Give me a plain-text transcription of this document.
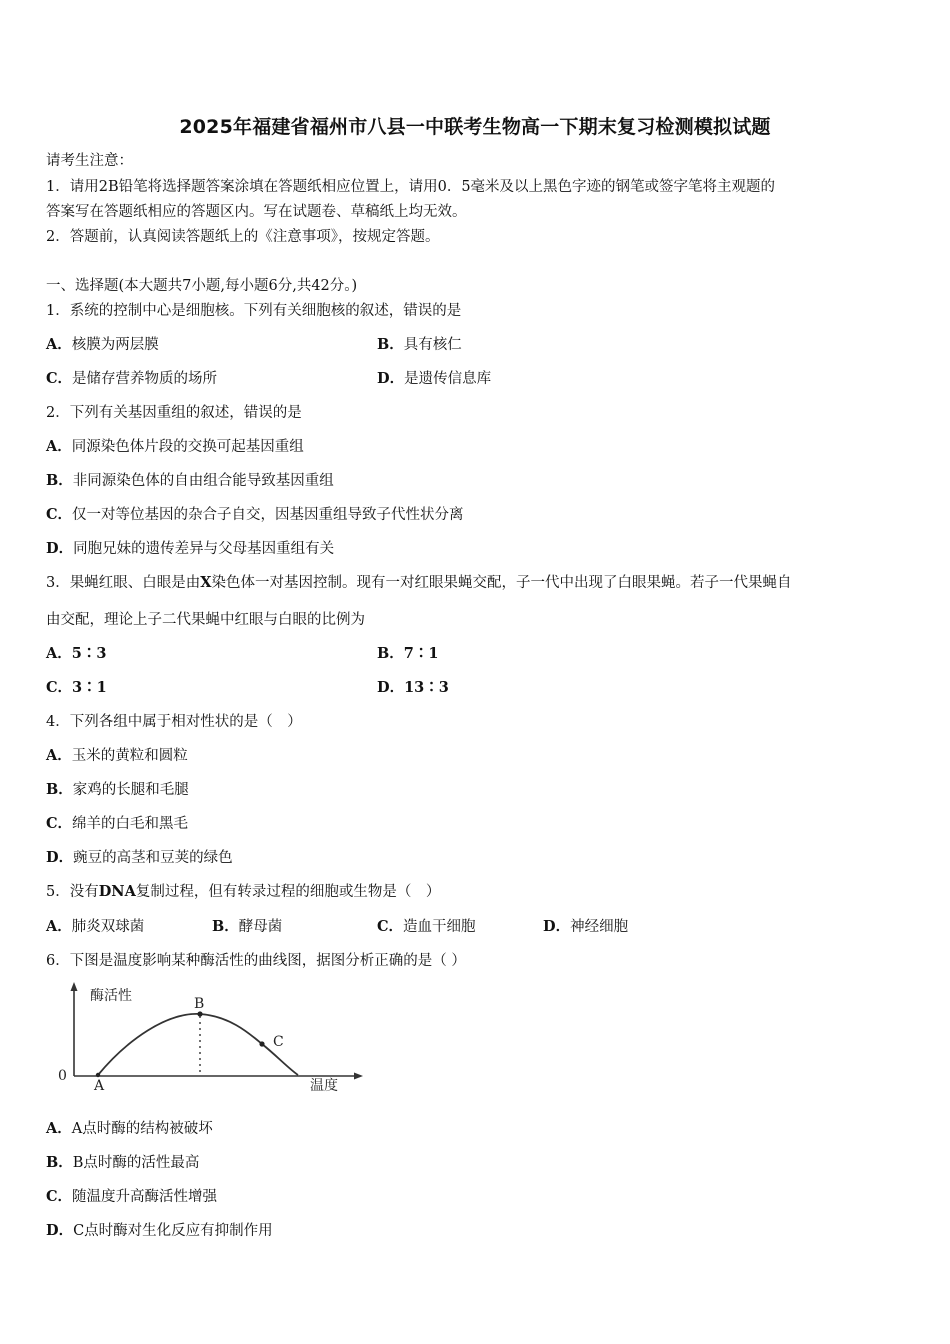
2025年福建省福州市八县一中联考生物高一下期末复习检测模拟试题
请考生注意：
1．请用2B铅笔将选择题答案涂填在答题纸相应位置上，请用0．5毫米及以上黑色字迹的钢笔或签字笔将主观题的
答案写在答题纸相应的答题区内。写在试题卷、草稿纸上均无效。
2．答题前，认真阅读答题纸上的《注意事项》，按规定答题。
一、选择题(本大题共7小题,每小题6分,共42分。)
1．系统的控制中心是细胞核。下列有关细胞核的叙述，错误的是
A．核膜为两层膜	B．具有核仁
C．是储存营养物质的场所	D．是遗传信息库
2．下列有关基因重组的叙述，错误的是
A．同源染色体片段的交换可起基因重组
B．非同源染色体的自由组合能导致基因重组
C．仅一对等位基因的杂合子自交，因基因重组导致子代性状分离
D．同胞兄妹的遗传差异与父母基因重组有关
3．果蝇红眼、白眼是由X染色体一对基因控制。现有一对红眼果蝇交配，子一代中出现了白眼果蝇。若子一代果蝇自
由交配，理论上子二代果蝇中红眼与白眼的比例为
A．5∶3	B．7∶1
C．3∶1	D．13∶3
4．下列各组中属于相对性状的是（　）
A．玉米的黄粒和圆粒
B．家鸡的长腿和毛腿
C．绵羊的白毛和黑毛
D．豌豆的高茎和豆荚的绿色
5．没有DNA复制过程，但有转录过程的细胞或生物是（　）
A．肺炎双球菌	B．酵母菌	C．造血干细胞	D．神经细胞
6．下图是温度影响某种酶活性的曲线图，据图分析正确的是（ ）
酶活性
温度
0
A
B
C
A．A点时酶的结构被破坏
B．B点时酶的活性最高
C．随温度升高酶活性增强
D．C点时酶对生化反应有抑制作用
